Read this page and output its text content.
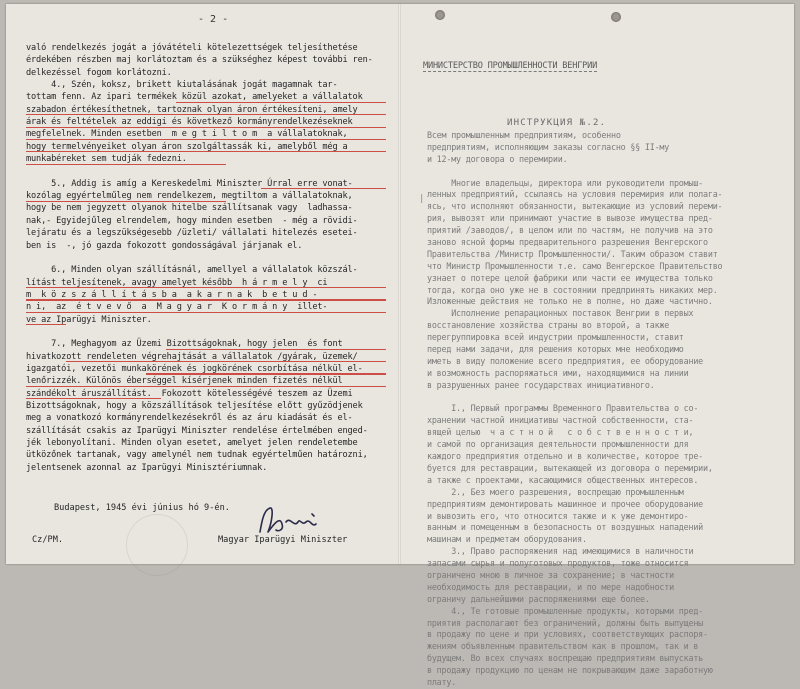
- 2 -
való rendelkezés jogát a jóvátételi kötelezettségek teljesíthetése
érdekében részben maj korlátoztam és a szükséghez képest további ren-
delkezéssel fogom korlátozni.
4., Szén, koksz, brikett kiutalásának jogát magamnak tar-
tottam fenn. Az ipari termékek közül azokat, amelyeket a vállalatok
szabadon értékesíthetnek, tartoznak olyan áron értékesíteni, amely
árak és feltételek az eddigi és következő kormányrendelkezéseknek
megfelelnek. Minden esetben  m e g t i l t o m  a vállalatoknak,
hogy termelvényeiket olyan áron szolgáltassák ki, amelyből még a
munkabéreket sem tudják fedezni.
5., Addig is amíg a Kereskedelmi Miniszter Úrral erre vonat-
kozólag egyértelműleg nem rendelkezem, megtiltom a vállalatoknak,
hogy be nem jegyzett olyanok hitelbe szállítsanak vagy  ladhassa-
nak,- Egyidejűleg elrendelem, hogy minden esetben  - még a rövidi-
lejáratu és a legszükségesebb /üzleti/ vállalati hitelezés esetei-
ben is  -, jó gazda fokozott gondosságával járjanak el.
6., Minden olyan szállításnál, amellyel a vállalatok közszál-
lítást teljesítenek, avagy amelyet később  h á r m e l y  ci
m  k ö z s z á l l í t á s b a  a k a r n a k  b e t u d -
n i,  az  é t v e v ő  a  M a g y a r  K o r m á n y  illet-
ve az Iparügyi Miniszter.
7., Meghagyom az Üzemi Bizottságoknak, hogy jelen  és font
hivatkozott rendeleten végrehajtását a vállalatok /gyárak, üzemek/
igazgatói, vezetői munkakörének és jogkörének csorbítása nélkül el-
lenőrizzék. Különös éberséggel kísérjenek minden fizetés nélkül
szándékolt áruszállítást.  Fokozott kötelességévé teszem az Üzemi
Bizottságoknak, hogy a közszállítások teljesítése előtt gyűzödjenek
meg a vonatkozó kormányrendelkezésekről és az áru kiadását és el-
szállítását csakis az Iparügyi Miniszter rendelése értelmében enged-
jék lebonyolítani. Minden olyan esetet, amelyet jelen rendeletembe
ütközőnek tartanak, vagy amelynél nem tudnak egyértelműen határozni,
jelentsenek azonnal az Iparügyi Minisztériumnak.
Budapest, 1945 évi június hó 9-én.
Cz/PM.	Magyar Iparügyi Miniszter
МИНИСТЕРСТВО ПРОМЫШЛЕННОСТИ ВЕНГРИИ
ИНСТРУКЦИЯ №.2.
|
Всем промышленным предприятиям, особенно
предприятиям, исполняющим заказы согласно §§ II-му
и 12-му договора о перемирии.
Многие владельцы, директора или руководители промыш-
ленных предприятий, ссылаясь на условия перемирия или полага-
ясь, что исполняют обязанности, вытекающие из условий переми-
рия, вывозят или принимают участие в вывозе имущества пред-
приятий /заводов/, в целом или по частям, не получив на это
заново ясной формы предварительного разрешения Венгерского
Правительства /Министр Промышленности/. Таким образом ставит
что Министр Промышленности т.е. само Венгерское Правительство
узнает о потере целой фабрики или части ее имущества только
тогда, когда оно уже не в состоянии предпринять никаких мер.
Изложенные действия не только не в полне, но даже частично.
Исполнение репарационных поставок Венгрии в первых
восстановление хозяйства страны во второй, а также
перегруппировка всей индустрии промышленности, ставит
перед нами задачи, для решения которых мне необходимо
иметь в виду положение всего предприятия, ее оборудование
и возможность распоряжаться ими, находящимися на линии
в разрушенных ранее государствах инициативного.
I., Первый программы Временного Правительства о со-
хранении частной инициативы частной собственности, ста-
вящей целью  ч а с т н о й   с о б с т в е н н о с т и,
и самой по организация деятельности промышленности для
каждого предприятия отдельно и в количестве, которое тре-
буется для реставрации, вытекающей из договора о перемирии,
а также с проектами, касающимися общественных интересов.
2., Без моего разрешения, воспрещаю промышленным
предприятиям демонтировать машинное и прочее оборудование
и вывозить его, что относится также и к уже демонтиро-
ванным и помещенным в безопасность от воздушных нападений
машинам и предметам оборудования.
3., Право распоряжения над имеющимися в наличности
запасами сырья и полуготовых продуктов, тоже относится
ограничено мною в личное за сохранение; в частности
необходимость для реставрации, и по мере надобности
ограничу дальнейшими распоряжениями еще более.
4., Те готовые промышленные продукты, которыми пред-
приятия располагают без ограничений, должны быть выпущены
в продажу по цене и при условиях, соответствующих распоря-
жениям объявленным правительством как в прошлом, так и в
будущем. Во всех случаях воспрещаю предприятиям выпускать
в продажу продукцию по ценам не покрывающим даже заработную
плату.
